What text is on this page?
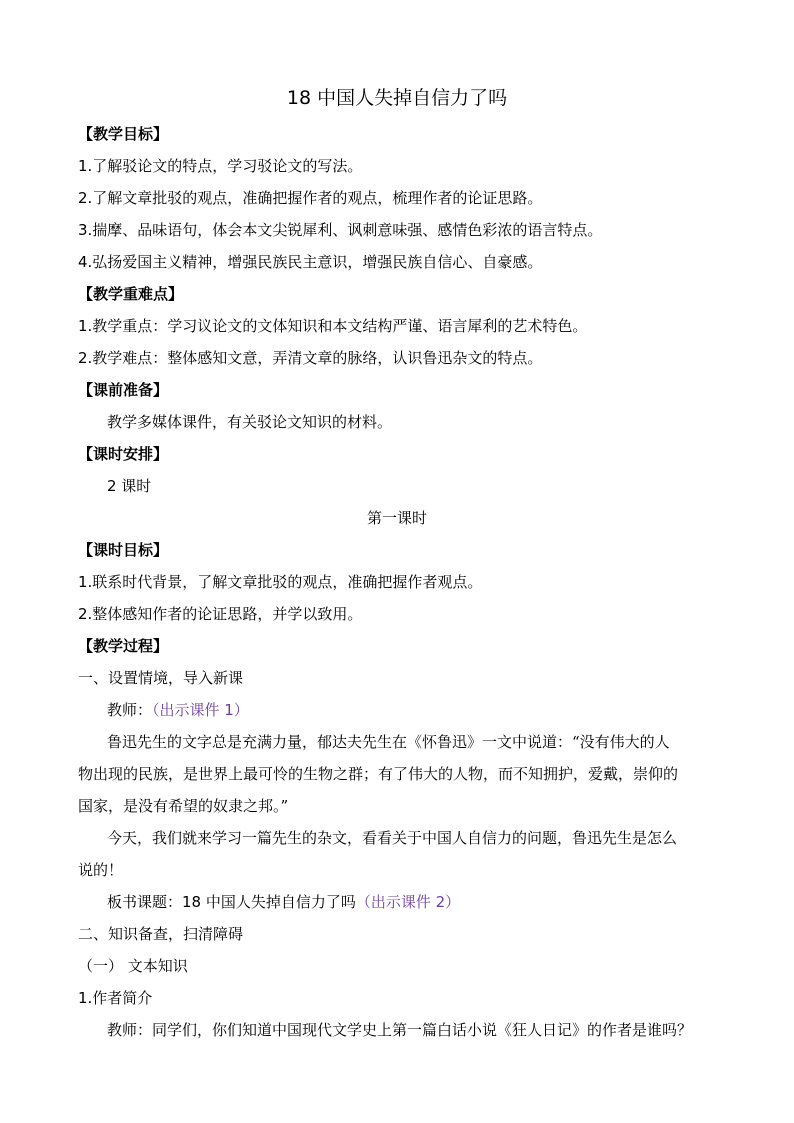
18 中国人失掉自信力了吗
【教学目标】
1.了解驳论文的特点，学习驳论文的写法。
2.了解文章批驳的观点，准确把握作者的观点，梳理作者的论证思路。
3.揣摩、品味语句，体会本文尖锐犀利、讽刺意味强、感情色彩浓的语言特点。
4.弘扬爱国主义精神，增强民族民主意识，增强民族自信心、自豪感。
【教学重难点】
1.教学重点：学习议论文的文体知识和本文结构严谨、语言犀利的艺术特色。
2.教学难点：整体感知文意，弄清文章的脉络，认识鲁迅杂文的特点。
【课前准备】
教学多媒体课件，有关驳论文知识的材料。
【课时安排】
2 课时
第一课时
【课时目标】
1.联系时代背景，了解文章批驳的观点，准确把握作者观点。
2.整体感知作者的论证思路，并学以致用。
【教学过程】
一、设置情境，导入新课
教师：（出示课件 1）
鲁迅先生的文字总是充满力量，郁达夫先生在《怀鲁迅》一文中说道：“没有伟大的人
物出现的民族，是世界上最可怜的生物之群；有了伟大的人物，而不知拥护，爱戴，崇仰的
国家，是没有希望的奴隶之邦。”
今天，我们就来学习一篇先生的杂文，看看关于中国人自信力的问题，鲁迅先生是怎么
说的！
板书课题：18 中国人失掉自信力了吗（出示课件 2）
二、知识备查，扫清障碍
（一） 文本知识
1.作者简介
教师：同学们，你们知道中国现代文学史上第一篇白话小说《狂人日记》的作者是谁吗？
